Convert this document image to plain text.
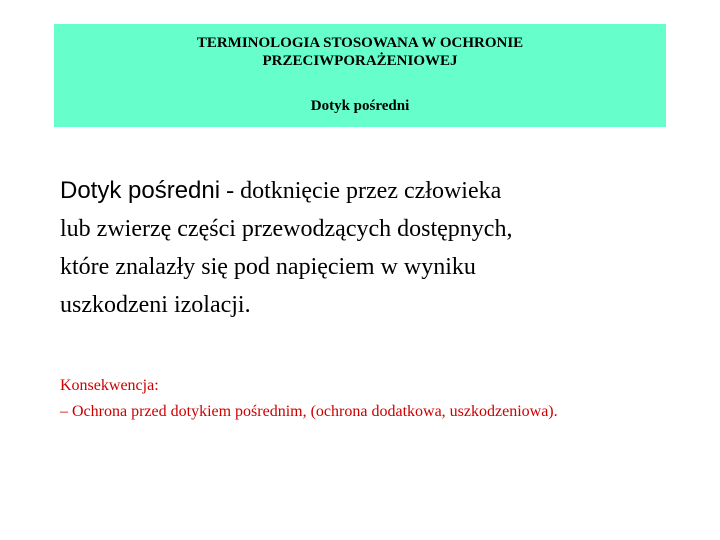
TERMINOLOGIA STOSOWANA W OCHRONIE
PRZECIWPORAŻENIOWEJ
Dotyk pośredni
Dotyk pośredni - dotknięcie przez człowieka
lub zwierzę części przewodzących dostępnych,
które znalazły się pod napięciem w wyniku
uszkodzeni izolacji.
Konsekwencja:
– Ochrona przed dotykiem pośrednim, (ochrona dodatkowa, uszkodzeniowa).
